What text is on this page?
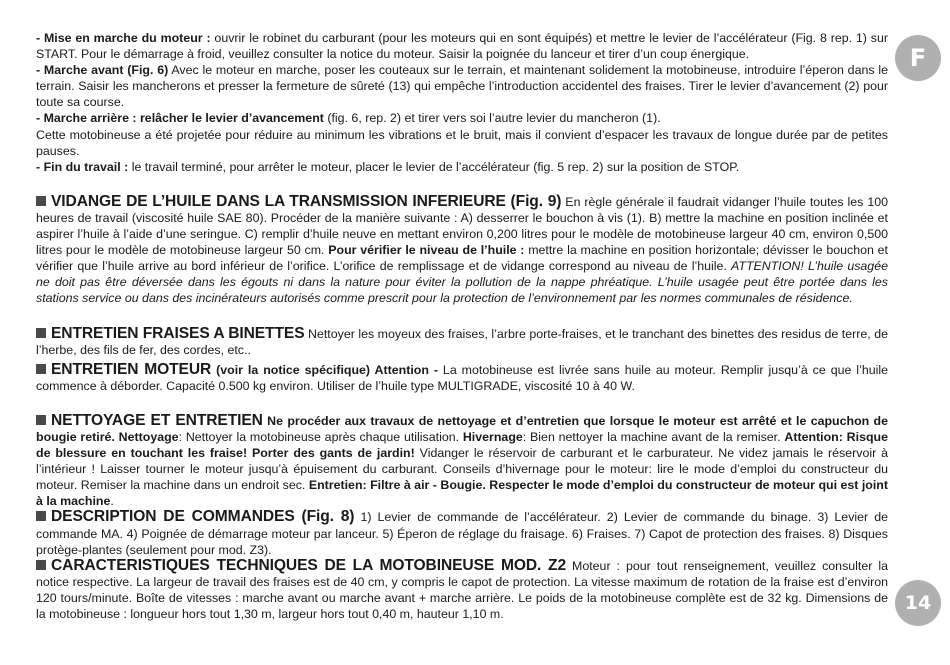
F
14

- Mise en marche du moteur : ouvrir le robinet du carburant (pour les moteurs qui en sont équipés) et mettre le levier de l’accélérateur (Fig. 8 rep. 1) sur START. Pour le démarrage à froid, veuillez consulter la notice du moteur. Saisir la poignée du lanceur et tirer d’un coup énergique.

- Marche avant (Fig. 6) Avec le moteur en marche, poser les couteaux sur le terrain, et maintenant solidement la motobineuse, introduire l’éperon dans le terrain. Saisir les mancherons et presser la fermeture de sûreté (13) qui empêche l’introduction accidentel des fraises. Tirer le levier d’avancement (2) pour toute sa course.

- Marche arrière : relâcher le levier d’avancement (fig. 6, rep. 2) et tirer vers soi l’autre levier du mancheron (1).

Cette motobineuse a été projetée pour réduire au minimum les vibrations et le bruit, mais il convient d’espacer les travaux de longue durée par de petites pauses.

- Fin du travail : le travail terminé, pour arrêter le moteur, placer le levier de l’accélérateur (fig. 5 rep. 2) sur la position de STOP.

VIDANGE DE L’HUILE DANS LA TRANSMISSION INFERIEURE (Fig. 9) En règle générale il faudrait vidanger l’huile toutes les 100 heures de travail (viscosité huile SAE 80). Procéder de la manière suivante : A) desserrer le bouchon à vis (1). B) mettre la machine en position inclinée et aspirer l’huile à l’aide d’une seringue. C) remplir d’huile neuve en mettant environ 0,200 litres pour le modèle de motobineuse largeur 40 cm, environ 0,500 litres pour le modèle de motobineuse largeur 50 cm. Pour vérifier le niveau de l’huile : mettre la machine en position horizontale; dévisser le bouchon et vérifier que l’huile arrive au bord inférieur de l’orifice. L’orifice de remplissage et de vidange correspond au niveau de l’huile. ATTENTION! L’huile usagée ne doit pas être déversée dans les égouts ni dans la nature pour éviter la pollution de la nappe phréatique. L’huile usagée peut être portée dans les stations service ou dans des incinérateurs autorisés comme prescrit pour la protection de l’environnement par les normes communales de résidence.

ENTRETIEN FRAISES A BINETTES Nettoyer les moyeux des fraises, l’arbre porte-fraises, et le tranchant des binettes des residus de terre, de l’herbe, des fils de fer, des cordes, etc..

ENTRETIEN MOTEUR (voir la notice spécifique) Attention - La motobineuse est livrée sans huile au moteur. Remplir jusqu’à ce que l’huile commence à déborder. Capacité 0.500 kg environ. Utiliser de l’huile type MULTIGRADE, viscosité 10 à 40 W.

NETTOYAGE ET ENTRETIEN Ne procéder aux travaux de nettoyage et d’entretien que lorsque le moteur est arrêté et le capuchon de bougie retiré. Nettoyage: Nettoyer la motobineuse après chaque utilisation. Hivernage: Bien nettoyer la machine avant de la remiser. Attention: Risque de blessure en touchant les fraise! Porter des gants de jardin! Vidanger le réservoir de carburant et le carburateur. Ne videz jamais le réservoir à l’intérieur ! Laisser tourner le moteur jusqu’à épuisement du carburant. Conseils d’hivernage pour le moteur: lire le mode d’emploi du constructeur du moteur. Remiser la machine dans un endroit sec. Entretien: Filtre à air - Bougie. Respecter le mode d’emploi du constructeur de moteur qui est joint à la machine.

DESCRIPTION DE COMMANDES (Fig. 8) 1) Levier de commande de l’accélérateur. 2) Levier de commande du binage. 3) Levier de commande MA. 4) Poignée de démarrage moteur par lanceur. 5) Éperon de réglage du fraisage. 6) Fraises. 7) Capot de protection des fraises. 8) Disques protège-plantes (seulement pour mod. Z3).

CARACTERISTIQUES TECHNIQUES DE LA MOTOBINEUSE MOD. Z2 Moteur : pour tout renseignement, veuillez consulter la notice respective. La largeur de travail des fraises est de 40 cm, y compris le capot de protection. La vitesse maximum de rotation de la fraise est d’environ 120 tours/minute. Boîte de vitesses : marche avant ou marche avant + marche arrière. Le poids de la motobineuse complète est de 32 kg. Dimensions de la motobineuse : longueur hors tout 1,30 m, largeur hors tout 0,40 m, hauteur 1,10 m.
